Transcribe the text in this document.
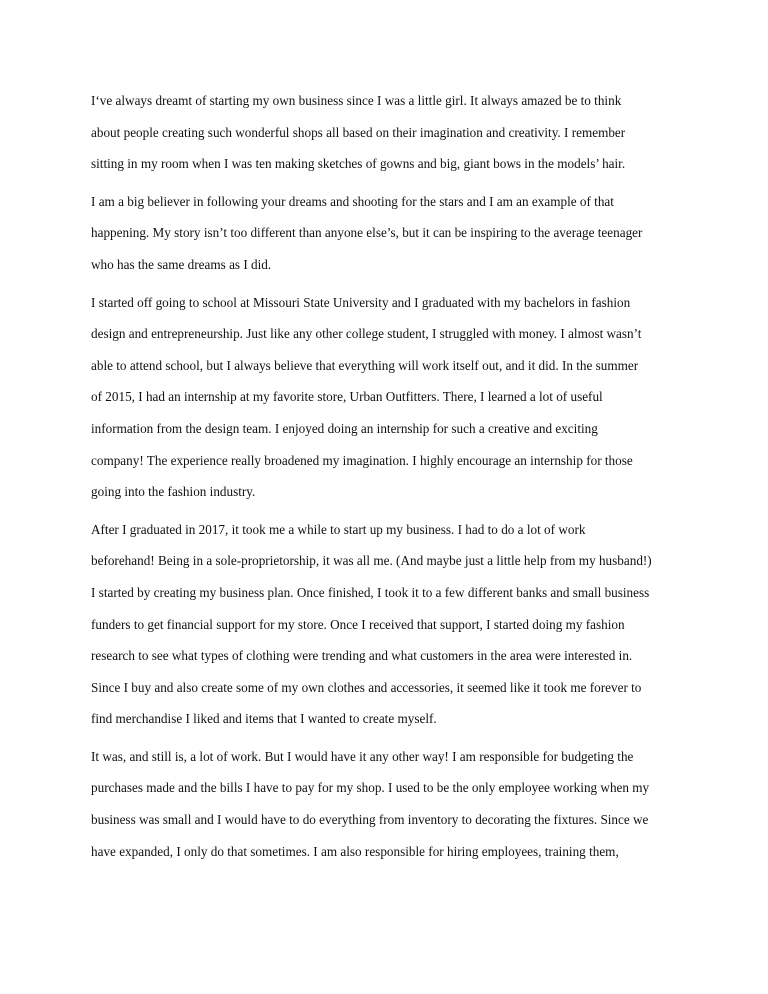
I‘ve always dreamt of starting my own business since I was a little girl. It always amazed be to think
about people creating such wonderful shops all based on their imagination and creativity. I remember
sitting in my room when I was ten making sketches of gowns and big, giant bows in the models’ hair.

I am a big believer in following your dreams and shooting for the stars and I am an example of that
happening. My story isn’t too different than anyone else’s, but it can be inspiring to the average teenager
who has the same dreams as I did.

I started off going to school at Missouri State University and I graduated with my bachelors in fashion
design and entrepreneurship. Just like any other college student, I struggled with money. I almost wasn’t
able to attend school, but I always believe that everything will work itself out, and it did. In the summer
of 2015, I had an internship at my favorite store, Urban Outfitters. There, I learned a lot of useful
information from the design team. I enjoyed doing an internship for such a creative and exciting
company! The experience really broadened my imagination. I highly encourage an internship for those
going into the fashion industry.

After I graduated in 2017, it took me a while to start up my business. I had to do a lot of work
beforehand! Being in a sole-proprietorship, it was all me. (And maybe just a little help from my husband!)
I started by creating my business plan. Once finished, I took it to a few different banks and small business
funders to get financial support for my store. Once I received that support, I started doing my fashion
research to see what types of clothing were trending and what customers in the area were interested in.
Since I buy and also create some of my own clothes and accessories, it seemed like it took me forever to
find merchandise I liked and items that I wanted to create myself.

It was, and still is, a lot of work. But I would have it any other way! I am responsible for budgeting the
purchases made and the bills I have to pay for my shop. I used to be the only employee working when my
business was small and I would have to do everything from inventory to decorating the fixtures. Since we
have expanded, I only do that sometimes. I am also responsible for hiring employees, training them,
